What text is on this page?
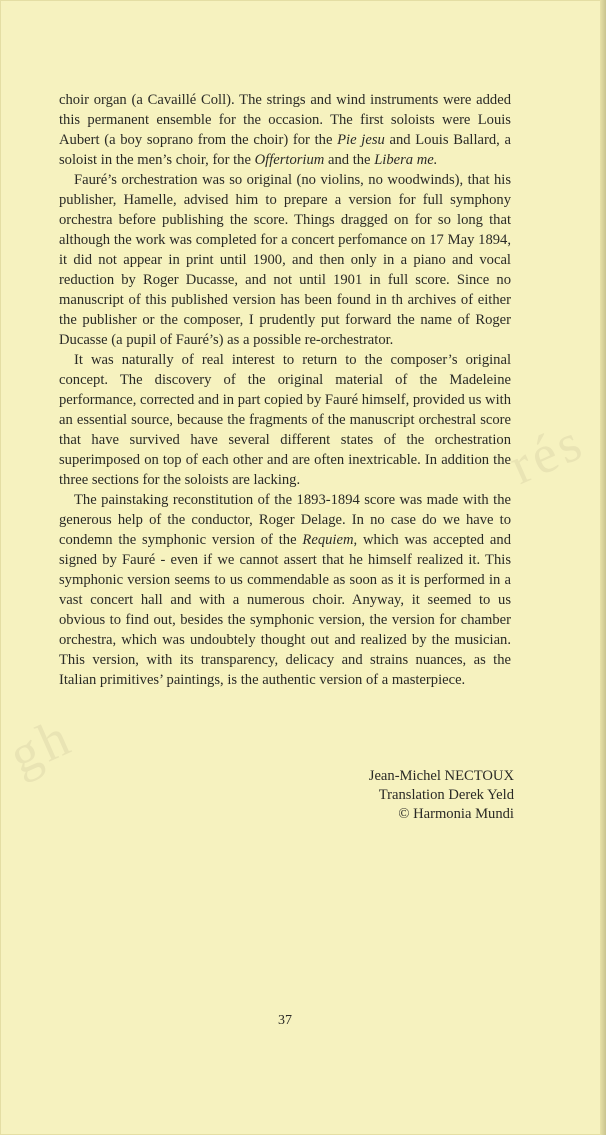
rés
gh

choir organ (a Cavaillé Coll). The strings and wind instruments were added this permanent ensemble for the occasion. The first soloists were Louis Aubert (a boy soprano from the choir) for the Pie jesu and Louis Ballard, a soloist in the men’s choir, for the Offertorium and the Libera me.

Fauré’s orchestration was so original (no violins, no woodwinds), that his publisher, Hamelle, advised him to prepare a version for full symphony orchestra before publishing the score. Things dragged on for so long that although the work was completed for a concert perfomance on 17 May 1894, it did not appear in print until 1900, and then only in a piano and vocal reduction by Roger Ducasse, and not until 1901 in full score. Since no manuscript of this published version has been found in th archives of either the publisher or the composer, I prudently put forward the name of Roger Ducasse (a pupil of Fauré’s) as a possible re-orchestrator.

It was naturally of real interest to return to the composer’s original concept. The discovery of the original material of the Madeleine performance, corrected and in part copied by Fauré himself, provided us with an essential source, because the fragments of the manuscript orchestral score that have survived have several different states of the orchestration superimposed on top of each other and are often inextricable. In addition the three sections for the soloists are lacking.

The painstaking reconstitution of the 1893-1894 score was made with the generous help of the conductor, Roger Delage. In no case do we have to condemn the symphonic version of the Requiem, which was accepted and signed by Fauré - even if we cannot assert that he himself realized it. This symphonic version seems to us commendable as soon as it is performed in a vast concert hall and with a numerous choir. Anyway, it seemed to us obvious to find out, besides the symphonic version, the version for chamber orchestra, which was undoubtely thought out and realized by the musician. This version, with its transparency, delicacy and strains nuances, as the Italian primitives’ paintings, is the authentic version of a masterpiece.

Jean-Michel NECTOUX
Translation Derek Yeld
© Harmonia Mundi
37
